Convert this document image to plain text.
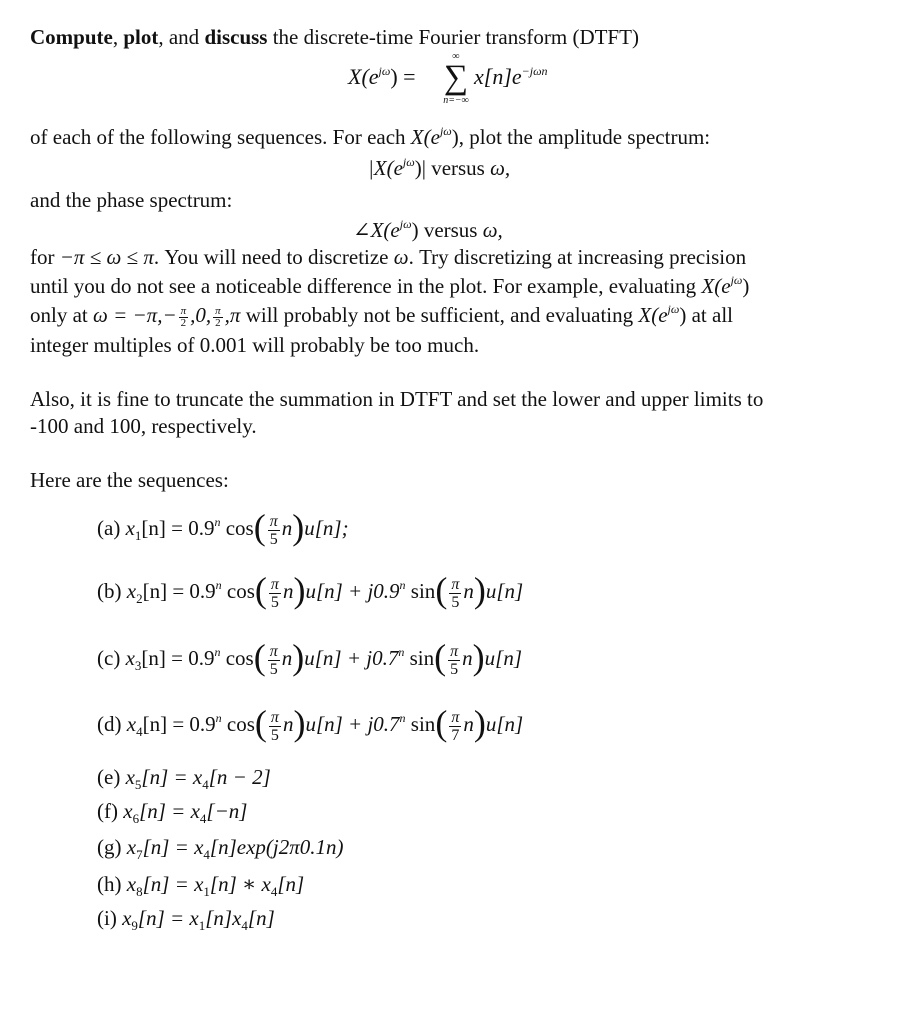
Compute, plot, and discuss the discrete-time Fourier transform (DTFT)
$X(e^{j\omega})$ =
∞
∑
n=−∞
$x[n]e^{-j\omega n}$
of each of the following sequences. For each $X(e^{j\omega})$, plot the amplitude spectrum:
$|X(e^{j\omega})|$ versus ω,
and the phase spectrum:
$\angle X(e^{j\omega})$ versus ω,
for −π ≤ ω ≤ π. You will need to discretize ω. Try discretizing at increasing precision
until you do not see a noticeable difference in the plot. For example, evaluating $X(e^{j\omega})$
only at $\omega = -\pi,- \frac{\pi}{2} ,0$, $\frac{\pi}{2} ,\pi$ will probably not be sufficient, and evaluating $X(e^{j\omega})$ at all
integer multiples of 0.001 will probably be too much.
Also, it is fine to truncate the summation in DTFT and set the lower and upper limits to
-100 and 100, respectively.
Here are the sequences:
(a) $x_1[n] = 0.9^n$ $\cos( \frac{\pi}{5} n)u[n]$;
(b) $x_2[n] = 0.9^n$ $\cos( \frac{\pi}{5} n)u[n] + j0.9^n$ $\sin( \frac{\pi}{5} n)u[n]$
(c) $x_3[n] = 0.9^n$ $\cos( \frac{\pi}{5} n)u[n] + j0.7^n$ $\sin( \frac{\pi}{5} n)u[n]$
(d) $x_4[n] = 0.9^n$ $\cos( \frac{\pi}{5} n)u[n] + j0.7^n$ $\sin( \frac{\pi}{7} n)u[n]$
(e) $x_5[n] = x_4[n - 2]$
(f) $x_6[n] = x_4[-n]$
(g) $x_7[n] = x_4[n]\exp(j2\pi 0.1n)$
(h) $x_8[n] = x_1[n]$ ∗ $x_4[n]$
(i) $x_9[n] = x_1[n]x_4[n]$
